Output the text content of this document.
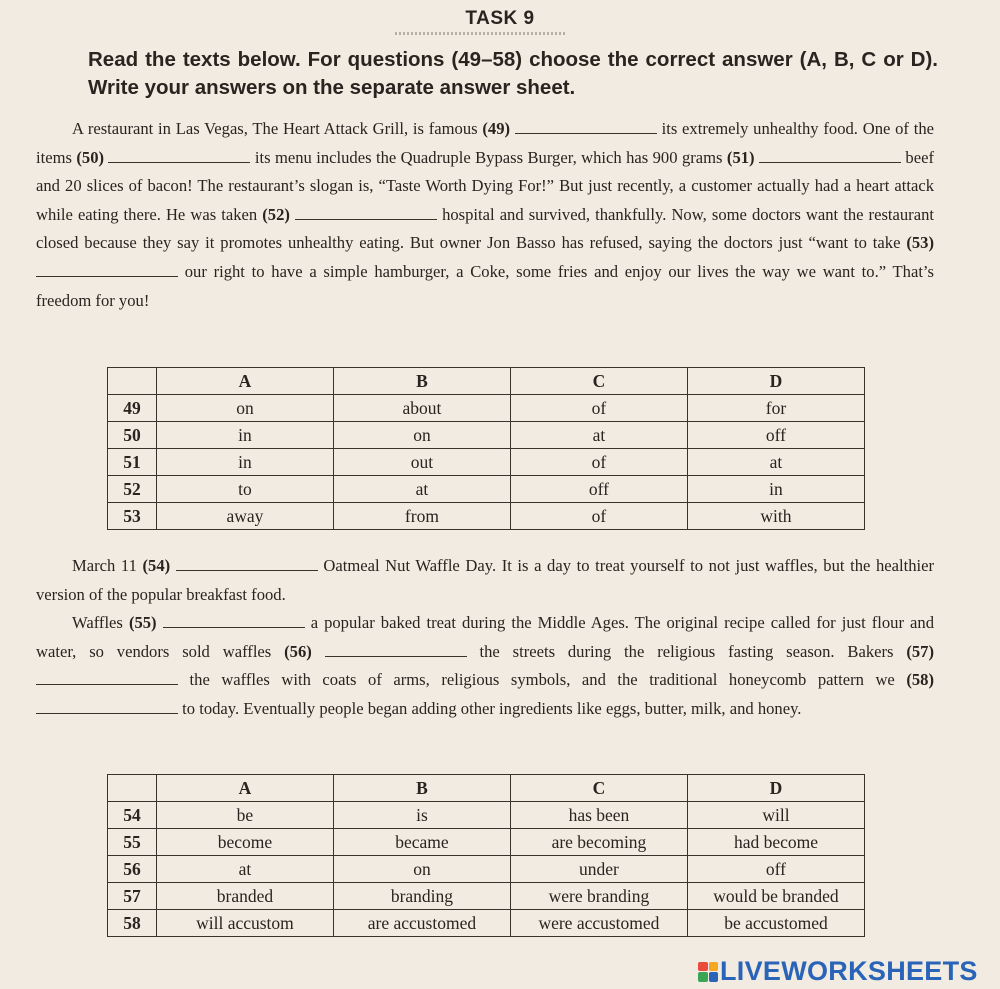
TASK 9
Read the texts below. For questions (49–58) choose the correct answer (A, B, C or D). Write your answers on the separate answer sheet.

A restaurant in Las Vegas, The Heart Attack Grill, is famous (49)	its extremely unhealthy food. One of the items (50)	its menu includes the Quadruple Bypass Burger, which has 900 grams (51)	beef and 20 slices of bacon! The restaurant’s slogan is, “Taste Worth Dying For!” But just recently, a customer actually had a heart attack while eating there. He was taken (52)	hospital and survived, thankfully. Now, some doctors want the restaurant closed because they say it promotes unhealthy eating. But owner Jon Basso has refused, saying the doctors just “want to take (53)  our right to have a simple hamburger, a Coke, some fries and enjoy our lives the way we want to.” That’s freedom for you!

	A	B	C	D
49	on	about	of	for
50	in	on	at	off
51	in	out	of	at
52	to	at	off	in
53	away	from	of	with

March 11 (54)	Oatmeal Nut Waffle Day. It is a day to treat yourself to not just waffles, but the healthier version of the popular breakfast food.

Waffles (55)	a popular baked treat during the Middle Ages. The original recipe called for just flour and water, so vendors sold waffles (56)	the streets during the religious fasting season. Bakers (57)  the waffles with coats of arms, religious symbols, and the traditional honeycomb pattern we (58)  to today. Eventually people began adding other ingredients like eggs, butter, milk, and honey.

	A	B	C	D
54	be	is	has been	will
55	become	became	are becoming	had become
56	at	on	under	off
57	branded	branding	were branding	would be branded
58	will accustom	are accustomed	were accustomed	be accustomed
LIVEWORKSHEETS
